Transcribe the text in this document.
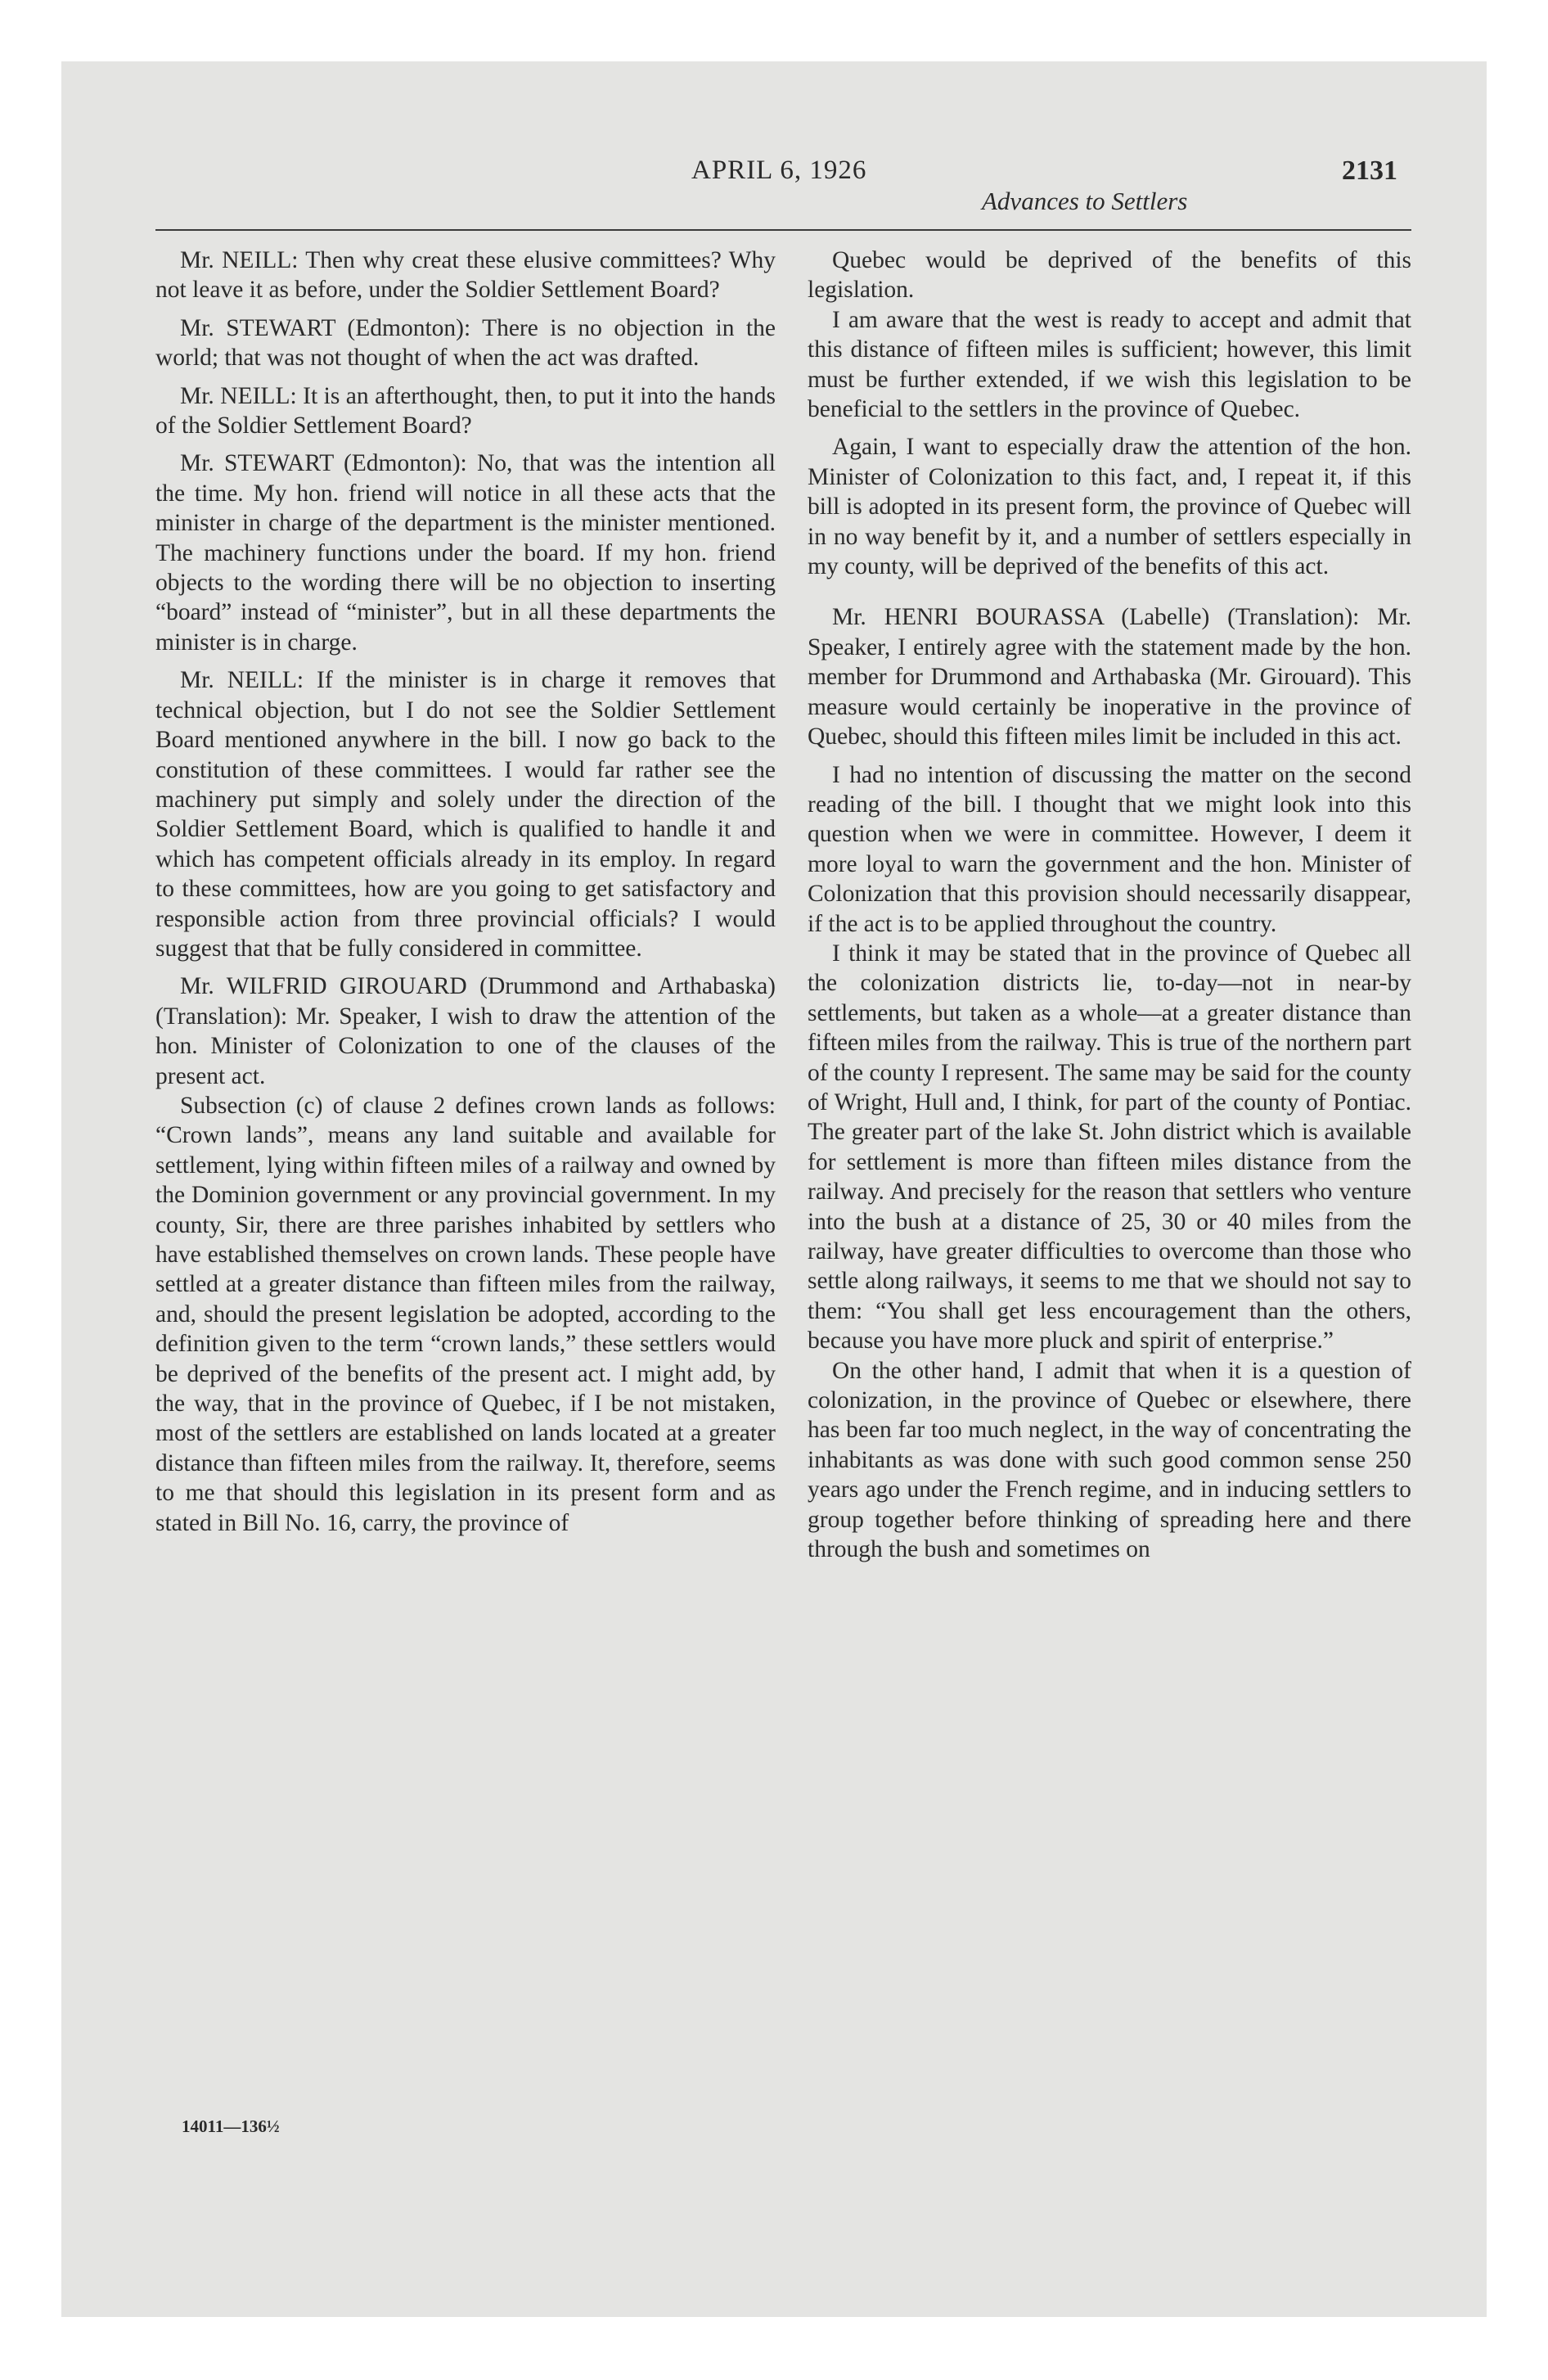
APRIL 6, 1926	2131
Advances to Settlers

Mr. NEILL: Then why creat these elusive committees? Why not leave it as before, under the Soldier Settlement Board?

Mr. STEWART (Edmonton): There is no objection in the world; that was not thought of when the act was drafted.

Mr. NEILL: It is an afterthought, then, to put it into the hands of the Soldier Settlement Board?

Mr. STEWART (Edmonton): No, that was the intention all the time. My hon. friend will notice in all these acts that the minister in charge of the department is the minister mentioned. The machinery functions under the board. If my hon. friend objects to the wording there will be no objection to inserting “board” instead of “minister”, but in all these departments the minister is in charge.

Mr. NEILL: If the minister is in charge it removes that technical objection, but I do not see the Soldier Settlement Board mentioned anywhere in the bill. I now go back to the constitution of these committees. I would far rather see the machinery put simply and solely under the direction of the Soldier Settlement Board, which is qualified to handle it and which has competent officials already in its employ. In regard to these committees, how are you going to get satisfactory and responsible action from three provincial officials? I would suggest that that be fully considered in committee.

Mr. WILFRID GIROUARD (Drummond and Arthabaska) (Translation): Mr. Speaker, I wish to draw the attention of the hon. Minister of Colonization to one of the clauses of the present act.

Subsection (c) of clause 2 defines crown lands as follows: “Crown lands”, means any land suitable and available for settlement, lying within fifteen miles of a railway and owned by the Dominion government or any provincial government. In my county, Sir, there are three parishes inhabited by settlers who have established themselves on crown lands. These people have settled at a greater distance than fifteen miles from the railway, and, should the present legislation be adopted, according to the definition given to the term “crown lands,” these settlers would be deprived of the benefits of the present act. I might add, by the way, that in the province of Quebec, if I be not mistaken, most of the settlers are established on lands located at a greater distance than fifteen miles from the railway. It, therefore, seems to me that should this legislation in its present form and as stated in Bill No. 16, carry, the province of

Quebec would be deprived of the benefits of this legislation.

I am aware that the west is ready to accept and admit that this distance of fifteen miles is sufficient; however, this limit must be further extended, if we wish this legislation to be beneficial to the settlers in the province of Quebec.

Again, I want to especially draw the attention of the hon. Minister of Colonization to this fact, and, I repeat it, if this bill is adopted in its present form, the province of Quebec will in no way benefit by it, and a number of settlers especially in my county, will be deprived of the benefits of this act.

Mr. HENRI BOURASSA (Labelle) (Translation): Mr. Speaker, I entirely agree with the statement made by the hon. member for Drummond and Arthabaska (Mr. Girouard). This measure would certainly be inoperative in the province of Quebec, should this fifteen miles limit be included in this act.

I had no intention of discussing the matter on the second reading of the bill. I thought that we might look into this question when we were in committee. However, I deem it more loyal to warn the government and the hon. Minister of Colonization that this provision should necessarily disappear, if the act is to be applied throughout the country.

I think it may be stated that in the province of Quebec all the colonization districts lie, to-day—not in near-by settlements, but taken as a whole—at a greater distance than fifteen miles from the railway. This is true of the northern part of the county I represent. The same may be said for the county of Wright, Hull and, I think, for part of the county of Pontiac. The greater part of the lake St. John district which is available for settlement is more than fifteen miles distance from the railway. And precisely for the reason that settlers who venture into the bush at a distance of 25, 30 or 40 miles from the railway, have greater difficulties to overcome than those who settle along railways, it seems to me that we should not say to them: “You shall get less encouragement than the others, because you have more pluck and spirit of enterprise.”

On the other hand, I admit that when it is a question of colonization, in the province of Quebec or elsewhere, there has been far too much neglect, in the way of concentrating the inhabitants as was done with such good common sense 250 years ago under the French regime, and in inducing settlers to group together before thinking of spreading here and there through the bush and sometimes on

14011—136½
